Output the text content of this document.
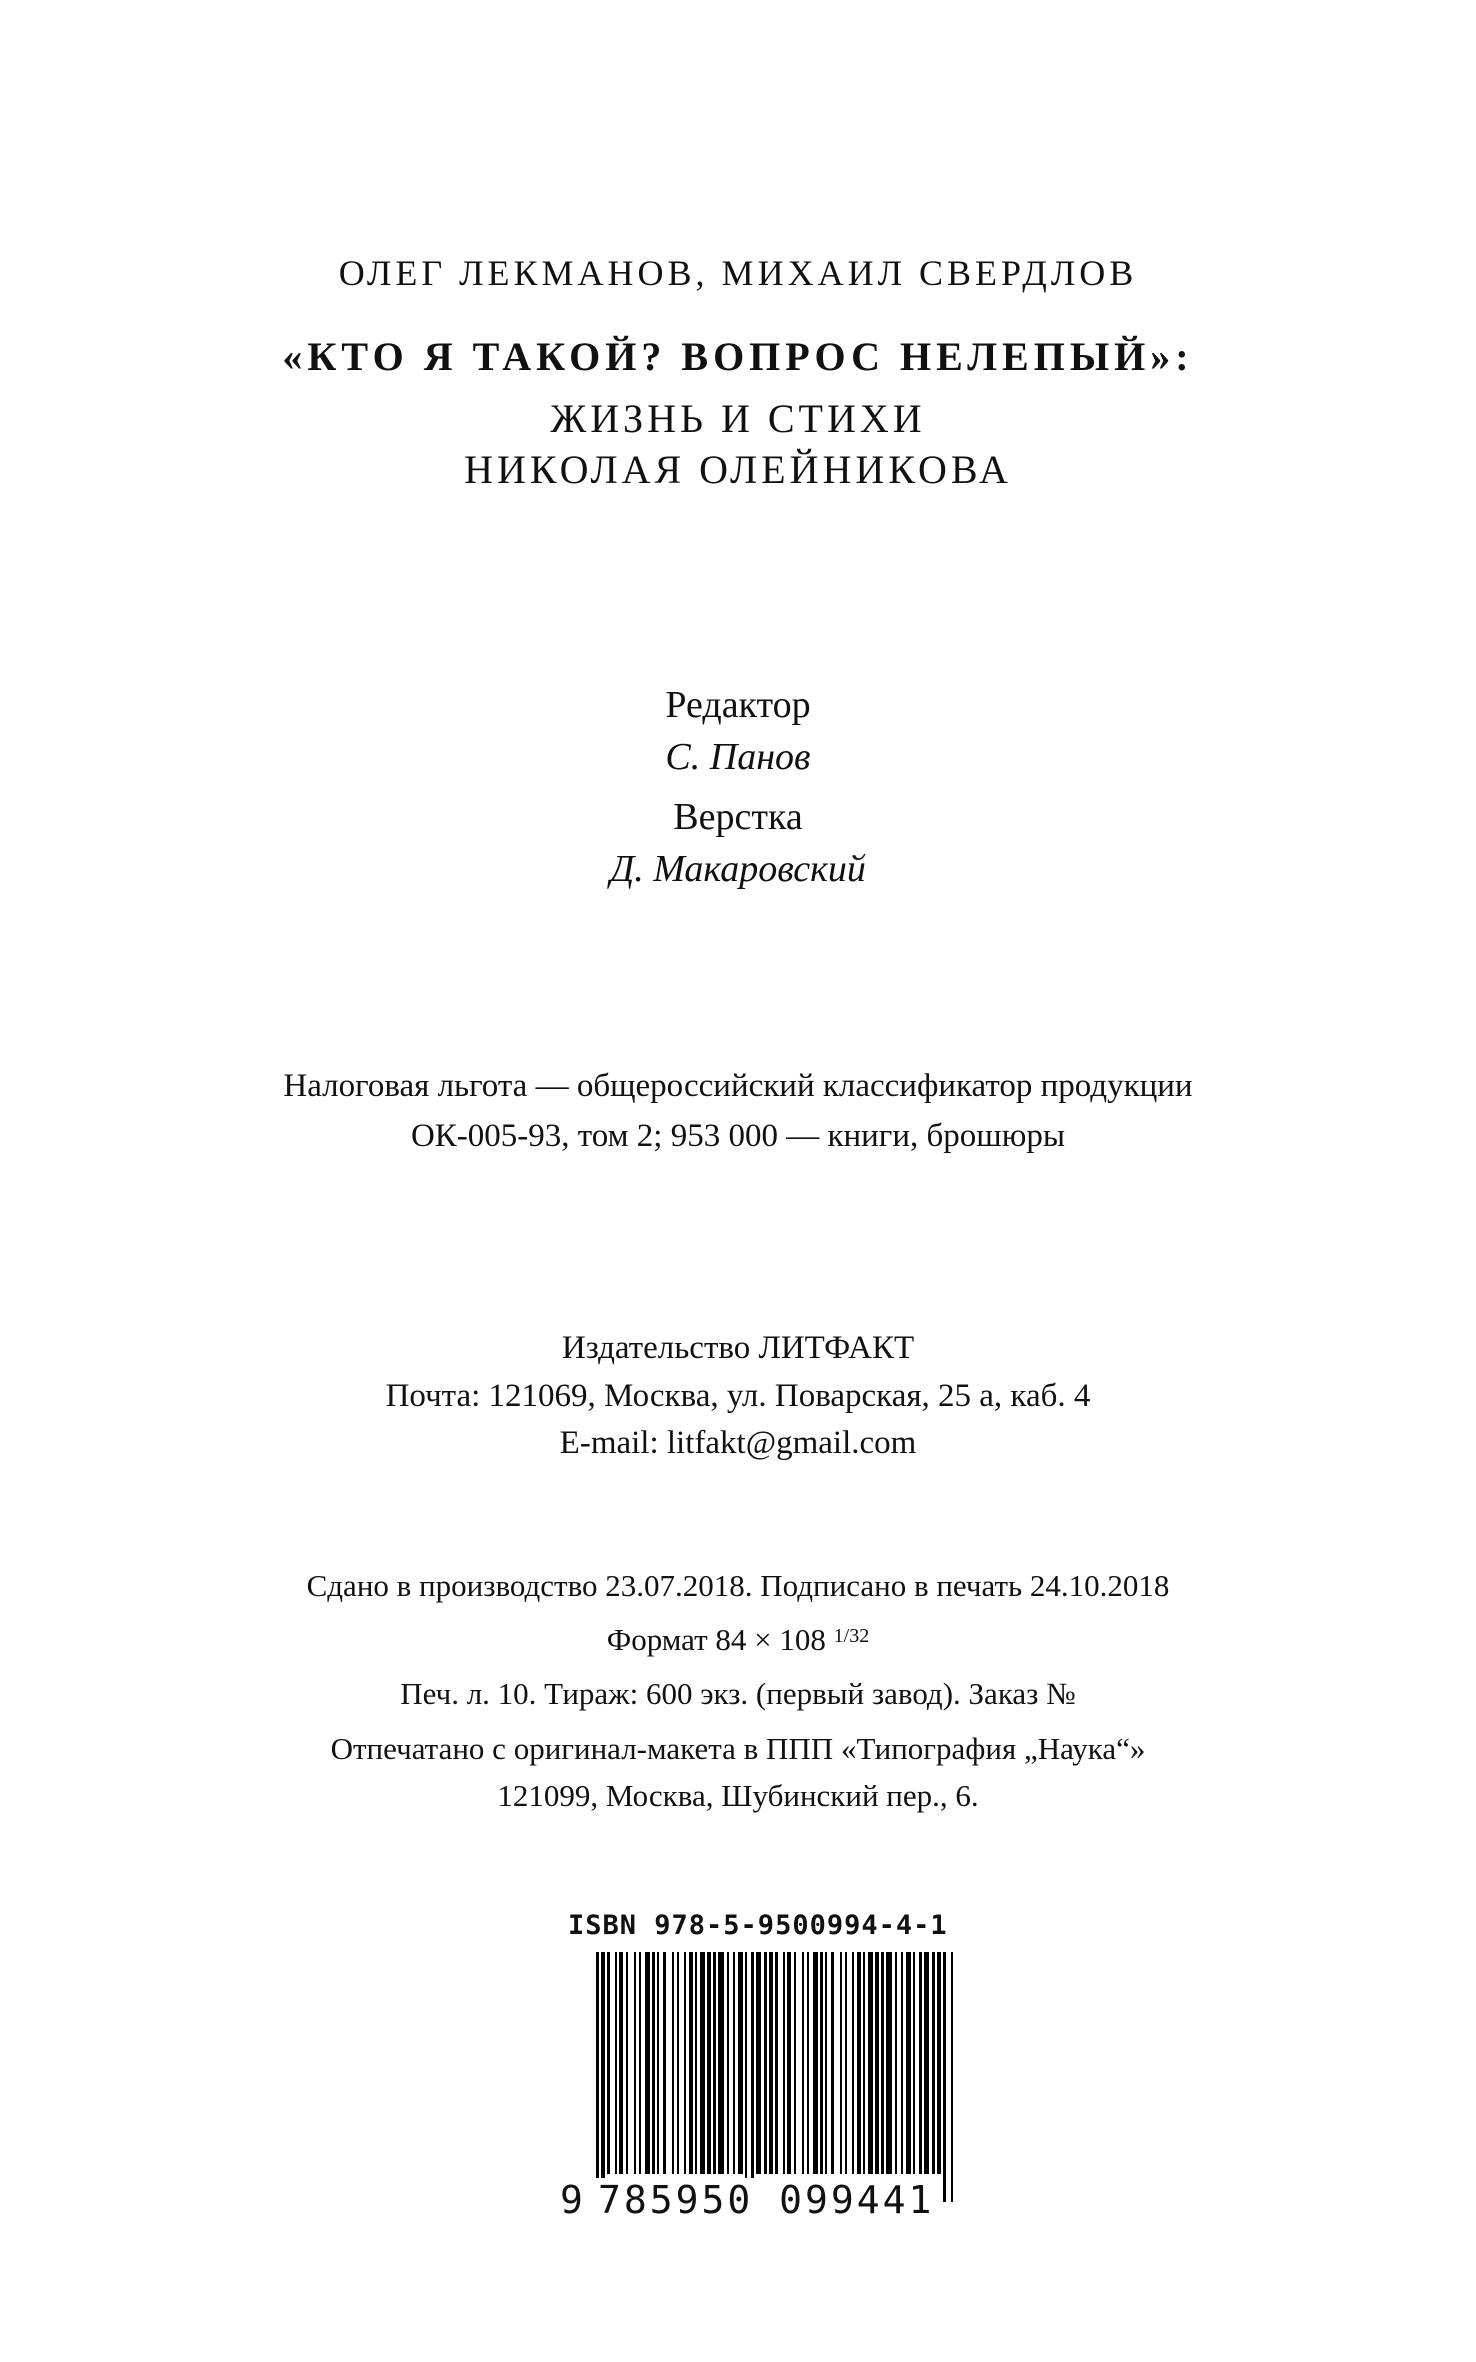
ОЛЕГ ЛЕКМАНОВ, МИХАИЛ СВЕРДЛОВ
«КТО Я ТАКОЙ? ВОПРОС НЕЛЕПЫЙ»:
ЖИЗНЬ И СТИХИ
НИКОЛАЯ ОЛЕЙНИКОВА
Редактор
С. Панов
Верстка
Д. Макаровский
Налоговая льгота — общероссийский классификатор продукции
ОК-005-93, том 2; 953 000 — книги, брошюры
Издательство ЛИТФАКТ
Почта: 121069, Москва, ул. Поварская, 25 а, каб. 4
E-mail: litfakt@gmail.com
Сдано в производство 23.07.2018. Подписано в печать 24.10.2018
Формат 84 × 108 $^{1/32}$
Печ. л. 10. Тираж: 600 экз. (первый завод). Заказ №
Отпечатано с оригинал-макета в ППП «Типография „Наука“»
121099, Москва, Шубинский пер., 6.
ISBN 978-5-9500994-4-1
9 785950 099441
